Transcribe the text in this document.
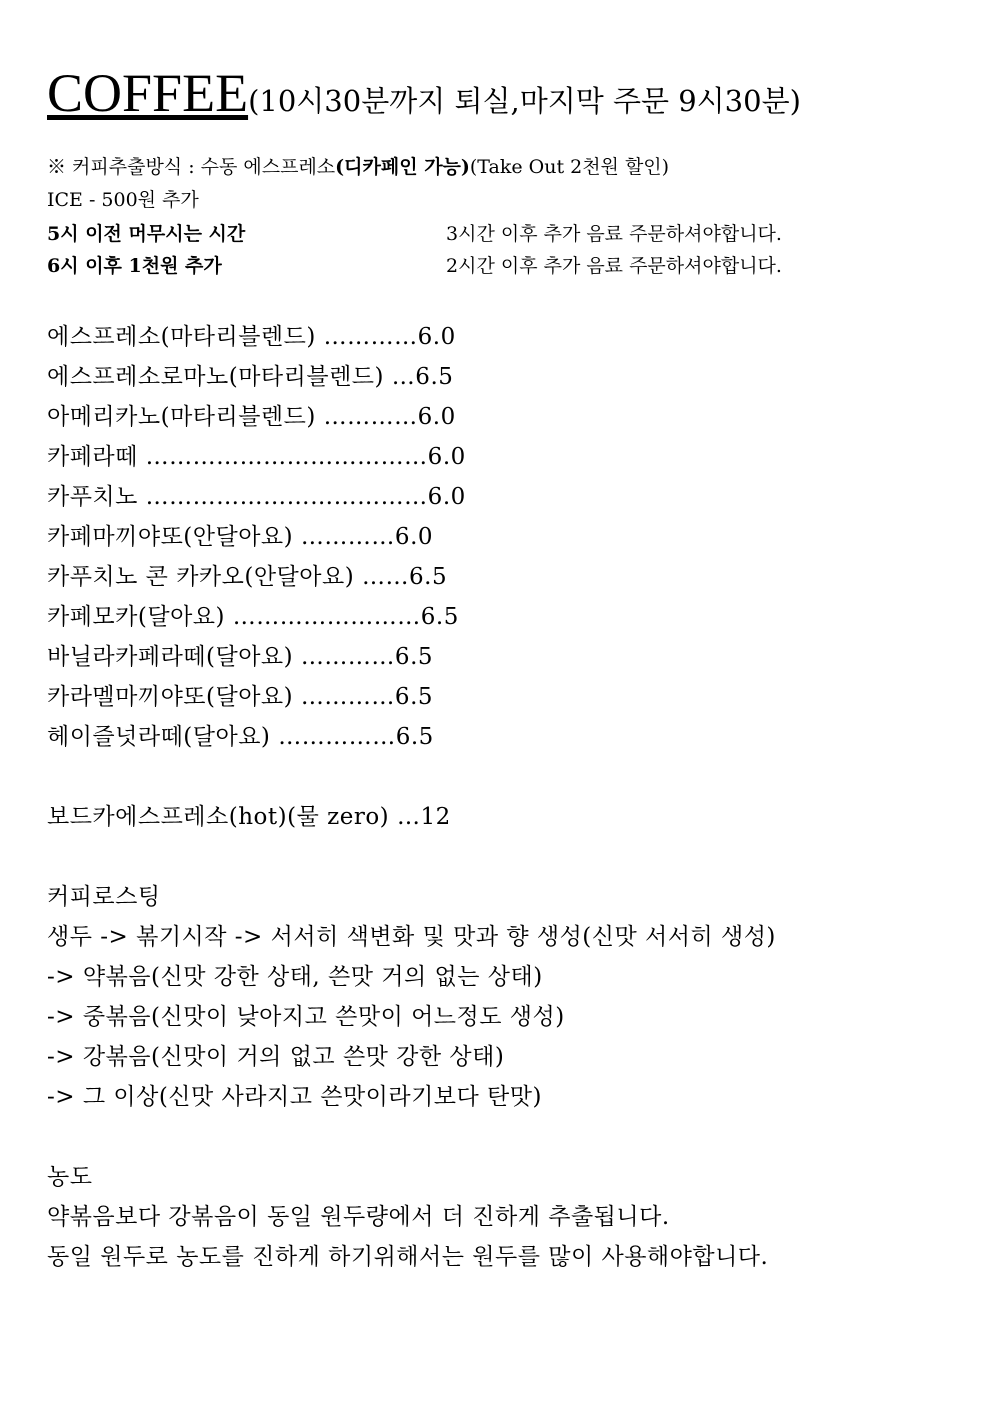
COFFEE(10시30분까지 퇴실,마지막 주문 9시30분)
※ 커피추출방식 : 수동 에스프레소(디카페인 가능)(Take Out 2천원 할인)
ICE - 500원 추가
5시 이전 머무시는 시간	3시간 이후 추가 음료 주문하셔야합니다.
6시 이후 1천원 추가	2시간 이후 추가 음료 주문하셔야합니다.
에스프레소(마타리블렌드) …………6.0
에스프레소로마노(마타리블렌드) …6.5
아메리카노(마타리블렌드) …………6.0
카페라떼 ………………………………6.0
카푸치노 ………………………………6.0
카페마끼야또(안달아요) …………6.0
카푸치노 콘 카카오(안달아요) ……6.5
카페모카(달아요) ……………………6.5
바닐라카페라떼(달아요) …………6.5
카라멜마끼야또(달아요) …………6.5
헤이즐넛라떼(달아요) ……………6.5
보드카에스프레소(hot)(물 zero) …12
커피로스팅
생두 -> 볶기시작 -> 서서히 색변화 및 맛과 향 생성(신맛 서서히 생성)
-> 약볶음(신맛 강한 상태, 쓴맛 거의 없는 상태)
-> 중볶음(신맛이 낮아지고 쓴맛이 어느정도 생성)
-> 강볶음(신맛이 거의 없고 쓴맛 강한 상태)
-> 그 이상(신맛 사라지고 쓴맛이라기보다 탄맛)
농도
약볶음보다 강볶음이 동일 원두량에서 더 진하게 추출됩니다.
동일 원두로 농도를 진하게 하기위해서는 원두를 많이 사용해야합니다.
